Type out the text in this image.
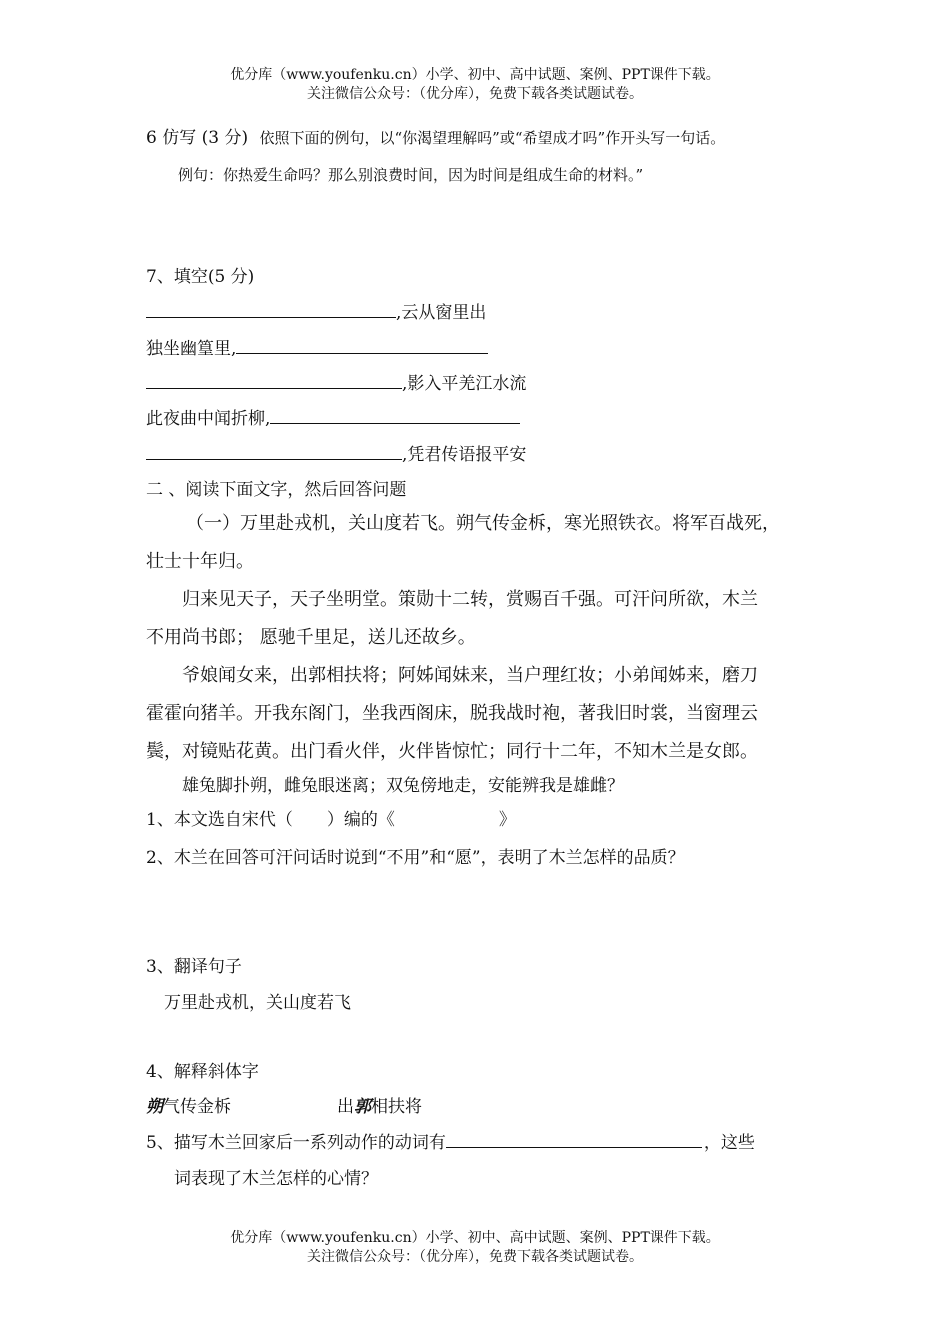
优分库（www.youfenku.cn）小学、初中、高中试题、案例、PPT课件下载。
关注微信公众号：（优分库），免费下载各类试题试卷。
6 仿写 (3 分) 依照下面的例句，以“你渴望理解吗”或“希望成才吗”作开头写一句话。
例句：你热爱生命吗？那么别浪费时间，因为时间是组成生命的材料。”
7、填空(5 分)
,云从窗里出
独坐幽篁里,
,影入平羌江水流
此夜曲中闻折柳,
,凭君传语报平安
二 、阅读下面文字，然后回答问题
（一）万里赴戎机，关山度若飞。朔气传金柝，寒光照铁衣。将军百战死，
壮士十年归。
归来见天子，天子坐明堂。策勋十二转，赏赐百千强。可汗问所欲，木兰
不用尚书郎； 愿驰千里足，送儿还故乡。
爷娘闻女来，出郭相扶将；阿姊闻妹来，当户理红妆；小弟闻姊来，磨刀
霍霍向猪羊。开我东阁门，坐我西阁床，脱我战时袍，著我旧时裳，当窗理云
鬓，对镜贴花黄。出门看火伴，火伴皆惊忙；同行十二年，不知木兰是女郎。
雄兔脚扑朔，雌兔眼迷离；双兔傍地走，安能辨我是雄雌？
1、本文选自宋代（ ）编的《	》
2、木兰在回答可汗问话时说到“不用”和“愿”，表明了木兰怎样的品质？
3、翻译句子
万里赴戎机，关山度若飞
4、解释斜体字
朔气传金柝	出郭相扶将
5、描写木兰回家后一系列动作的动词有	，这些
词表现了木兰怎样的心情？
优分库（www.youfenku.cn）小学、初中、高中试题、案例、PPT课件下载。
关注微信公众号：（优分库），免费下载各类试题试卷。
